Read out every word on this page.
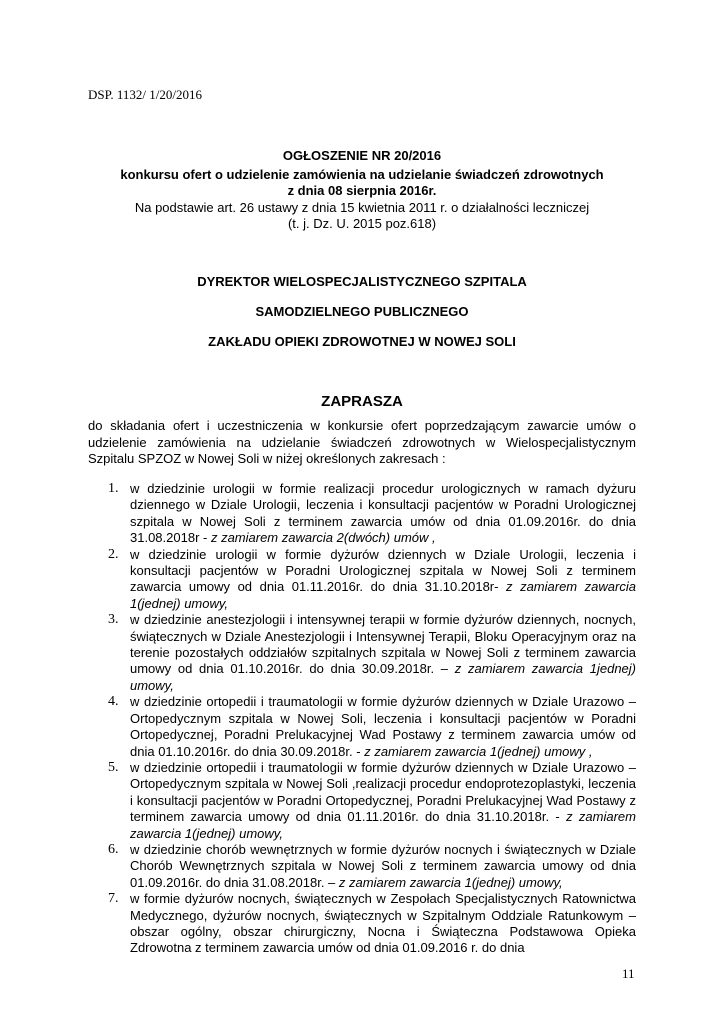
DSP. 1132/ 1/20/2016
OGŁOSZENIE NR 20/2016
konkursu ofert o udzielenie zamówienia na udzielanie świadczeń zdrowotnych
z dnia 08 sierpnia 2016r.
Na podstawie art. 26 ustawy z dnia 15 kwietnia 2011 r. o działalności leczniczej
(t. j. Dz. U. 2015 poz.618)
DYREKTOR WIELOSPECJALISTYCZNEGO SZPITALA
SAMODZIELNEGO PUBLICZNEGO
ZAKŁADU OPIEKI ZDROWOTNEJ W NOWEJ SOLI
ZAPRASZA
do składania ofert i uczestniczenia w konkursie ofert poprzedzającym zawarcie umów o udzielenie zamówienia na udzielanie świadczeń zdrowotnych w Wielospecjalistycznym Szpitalu SPZOZ w Nowej Soli w niżej określonych zakresach :
1. w dziedzinie urologii w formie realizacji procedur urologicznych w ramach dyżuru dziennego w Dziale Urologii, leczenia i konsultacji pacjentów w Poradni Urologicznej szpitala w Nowej Soli z terminem zawarcia umów od dnia 01.09.2016r. do dnia 31.08.2018r - z zamiarem zawarcia 2(dwóch) umów ,
2. w dziedzinie urologii w formie dyżurów dziennych w Dziale Urologii, leczenia i konsultacji pacjentów w Poradni Urologicznej szpitala w Nowej Soli z terminem zawarcia umowy od dnia 01.11.2016r. do dnia 31.10.2018r- z zamiarem zawarcia 1(jednej) umowy,
3. w dziedzinie anestezjologii i intensywnej terapii w formie dyżurów dziennych, nocnych, świątecznych w Dziale Anestezjologii i Intensywnej Terapii, Bloku Operacyjnym oraz na terenie pozostałych oddziałów szpitalnych szpitala w Nowej Soli z terminem zawarcia umowy od dnia 01.10.2016r. do dnia 30.09.2018r. – z zamiarem zawarcia 1jednej) umowy,
4. w dziedzinie ortopedii i traumatologii w formie dyżurów dziennych w Dziale Urazowo – Ortopedycznym szpitala w Nowej Soli, leczenia i konsultacji pacjentów w Poradni Ortopedycznej, Poradni Prelukacyjnej Wad Postawy z terminem zawarcia umów od dnia 01.10.2016r. do dnia 30.09.2018r. - z zamiarem zawarcia 1(jednej) umowy ,
5. w dziedzinie ortopedii i traumatologii w formie dyżurów dziennych w Dziale Urazowo – Ortopedycznym szpitala w Nowej Soli ,realizacji procedur endoprotezoplastyki, leczenia i konsultacji pacjentów w Poradni Ortopedycznej, Poradni Prelukacyjnej Wad Postawy z terminem zawarcia umowy od dnia 01.11.2016r. do dnia 31.10.2018r. - z zamiarem zawarcia 1(jednej) umowy,
6. w dziedzinie chorób wewnętrznych w formie dyżurów nocnych i świątecznych w Dziale Chorób Wewnętrznych szpitala w Nowej Soli z terminem zawarcia umowy od dnia 01.09.2016r. do dnia 31.08.2018r. – z zamiarem zawarcia 1(jednej) umowy,
7. w formie dyżurów nocnych, świątecznych w Zespołach Specjalistycznych Ratownictwa Medycznego, dyżurów nocnych, świątecznych w Szpitalnym Oddziale Ratunkowym – obszar ogólny, obszar chirurgiczny, Nocna i Świąteczna Podstawowa Opieka Zdrowotna z terminem zawarcia umów od dnia 01.09.2016 r. do dnia
11
